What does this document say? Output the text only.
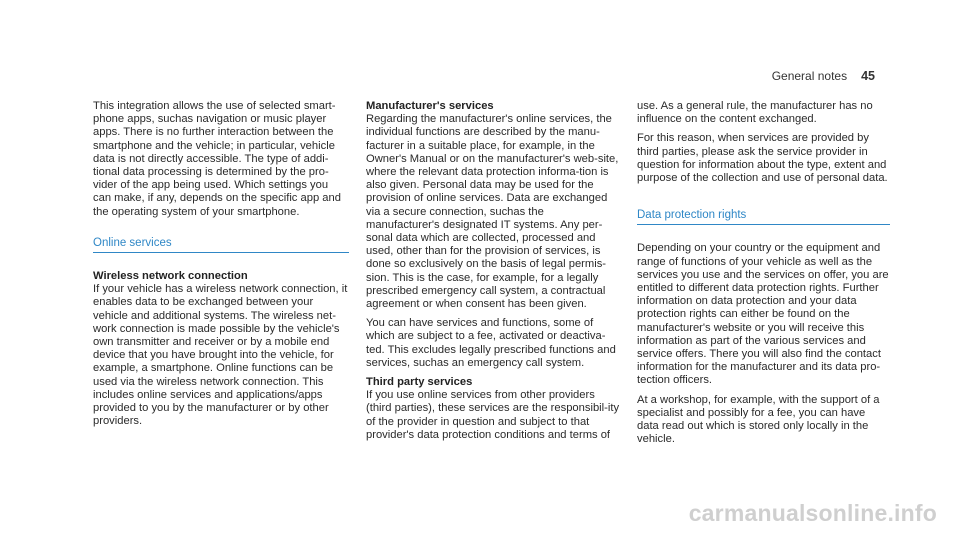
General notes 45

This integration allows the use of selected smart-phone apps, suchas navigation or music player apps. There is no further interaction between the smartphone and the vehicle; in particular, vehicle data is not directly accessible. The type of addi-tional data processing is determined by the pro-vider of the app being used. Which settings you can make, if any, depends on the specific app and the operating system of your smartphone.

Online services

Wireless network connection

If your vehicle has a wireless network connection, it enables data to be exchanged between your vehicle and additional systems. The wireless net-work connection is made possible by the vehicle's own transmitter and receiver or by a mobile end device that you have brought into the vehicle, for example, a smartphone. Online functions can be used via the wireless network connection. This includes online services and applications/apps provided to you by the manufacturer or by other providers.

Manufacturer's services

Regarding the manufacturer's online services, the individual functions are described by the manu-facturer in a suitable place, for example, in the Owner's Manual or on the manufacturer's web-site, where the relevant data protection informa-tion is also given. Personal data may be used for the provision of online services. Data are exchanged via a secure connection, suchas the manufacturer's designated IT systems. Any per-sonal data which are collected, processed and used, other than for the provision of services, is done so exclusively on the basis of legal permis-sion. This is the case, for example, for a legally prescribed emergency call system, a contractual agreement or when consent has been given.

You can have services and functions, some of which are subject to a fee, activated or deactiva-ted. This excludes legally prescribed functions and services, suchas an emergency call system.

Third party services

If you use online services from other providers (third parties), these services are the responsibil-ity of the provider in question and subject to that provider's data protection conditions and terms of

use. As a general rule, the manufacturer has no influence on the content exchanged.

For this reason, when services are provided by third parties, please ask the service provider in question for information about the type, extent and purpose of the collection and use of personal data.

Data protection rights

Depending on your country or the equipment and range of functions of your vehicle as well as the services you use and the services on offer, you are entitled to different data protection rights. Further information on data protection and your data protection rights can either be found on the manufacturer's website or you will receive this information as part of the various services and service offers. There you will also find the contact information for the manufacturer and its data pro-tection officers.

At a workshop, for example, with the support of a specialist and possibly for a fee, you can have data read out which is stored only locally in the vehicle.

carmanualsonline.info
